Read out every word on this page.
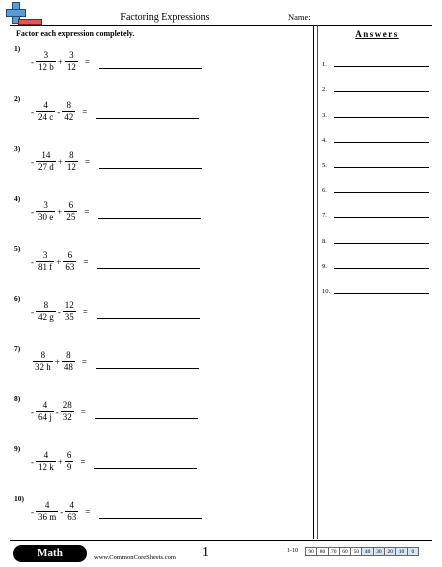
Factoring Expressions	Name:
Factor each expression completely.	Answers
1.
2.
3.
4.
5.
6.
7.
8.
9.
10.
1)
- $\frac{3}{12 b} + \frac{3}{12}$ =
2)
- $\frac{4}{24 c} - \frac{8}{42}$ =
3)
- $\frac{14}{27 d} + \frac{8}{12}$ =
4)
- $\frac{3}{30 e} + \frac{6}{25}$ =
5)
- $\frac{3}{81 f} + \frac{6}{63}$ =
6)
- $\frac{8}{42 g} - \frac{12}{35}$ =
7)
$\frac{8}{32 h} + \frac{8}{48}$ =
8)
- $\frac{4}{64 j} - \frac{28}{32}$ =
9)
- $\frac{4}{12 k} + \frac{6}{9}$ =
10)
- $\frac{4}{36 m} - \frac{4}{63}$ =
Math	www.CommonCoreSheets.com 1	1-10	90	80	70	60	50	40	30	20	10	0
